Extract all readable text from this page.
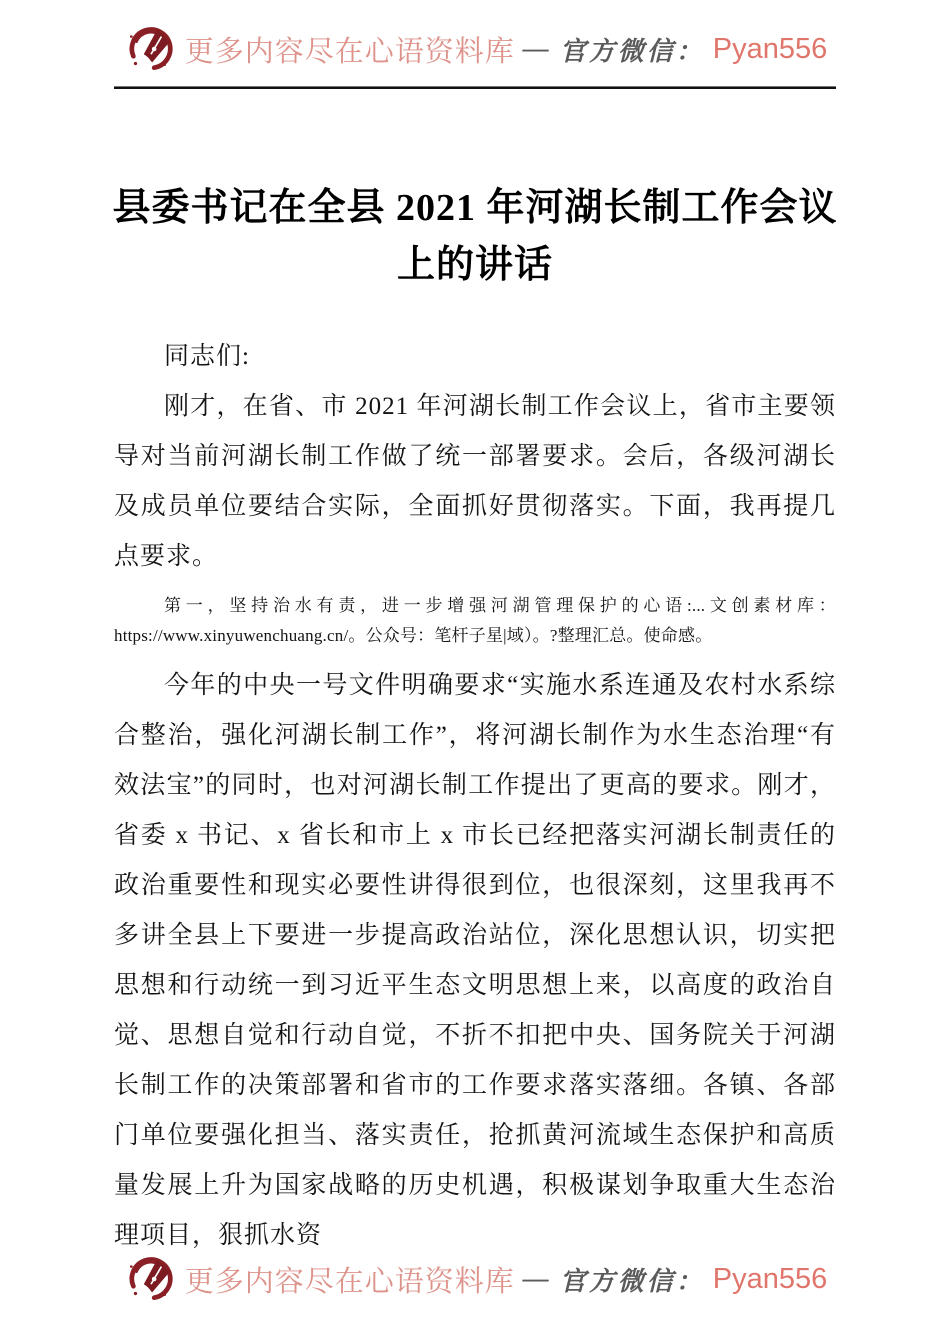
更多内容尽在心语资料库 — 官方微信： Pyan556
县委书记在全县 2021 年河湖长制工作会议上的讲话

同志们:

刚才，在省、市 2021 年河湖长制工作会议上，省市主要领导对当前河湖长制工作做了统一部署要求。会后，各级河湖长及成员单位要结合实际，全面抓好贯彻落实。下面，我再提几点要求。

第一，坚持治水有责，进一步增强河湖管理保护的心语:...文创素材库：https://www.xinyuwenchuang.cn/。公众号：笔杆子星|域）。?整理汇总。使命感。

今年的中央一号文件明确要求“实施水系连通及农村水系综合整治，强化河湖长制工作”，将河湖长制作为水生态治理“有效法宝”的同时，也对河湖长制工作提出了更高的要求。刚才，省委 x 书记、x 省长和市上 x 市长已经把落实河湖长制责任的政治重要性和现实必要性讲得很到位，也很深刻，这里我再不多讲全县上下要进一步提高政治站位，深化思想认识，切实把思想和行动统一到习近平生态文明思想上来，以高度的政治自觉、思想自觉和行动自觉，不折不扣把中央、国务院关于河湖长制工作的决策部署和省市的工作要求落实落细。各镇、各部门单位要强化担当、落实责任，抢抓黄河流域生态保护和高质量发展上升为国家战略的历史机遇，积极谋划争取重大生态治理项目，狠抓水资

更多内容尽在心语资料库 — 官方微信： Pyan556
